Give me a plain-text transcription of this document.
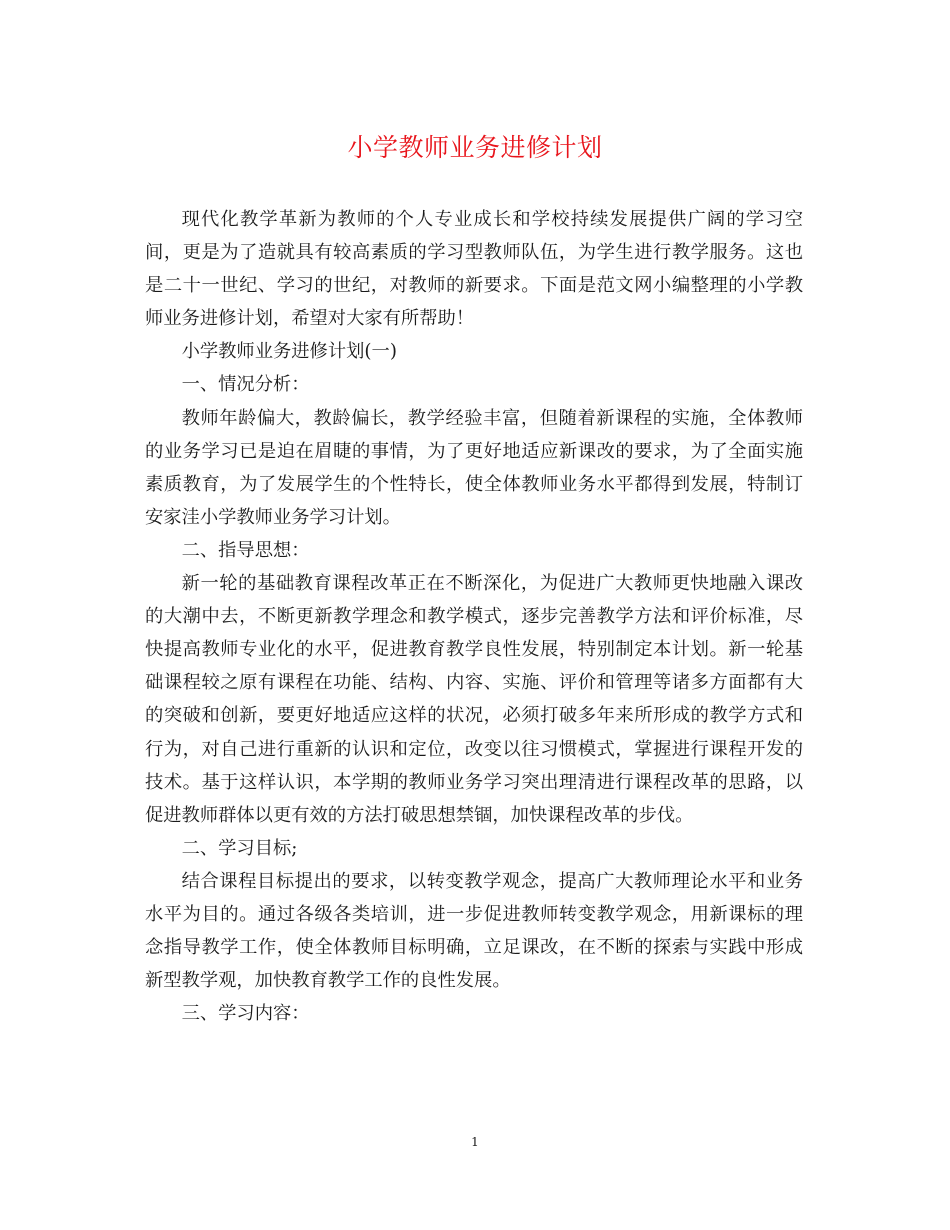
小学教师业务进修计划

现代化教学革新为教师的个人专业成长和学校持续发展提供广阔的学习空间，更是为了造就具有较高素质的学习型教师队伍，为学生进行教学服务。这也是二十一世纪、学习的世纪，对教师的新要求。下面是范文网小编整理的小学教师业务进修计划，希望对大家有所帮助！

小学教师业务进修计划(一)

一、情况分析：

教师年龄偏大，教龄偏长，教学经验丰富，但随着新课程的实施，全体教师的业务学习已是迫在眉睫的事情，为了更好地适应新课改的要求，为了全面实施素质教育，为了发展学生的个性特长，使全体教师业务水平都得到发展，特制订安家洼小学教师业务学习计划。

二、指导思想：

新一轮的基础教育课程改革正在不断深化，为促进广大教师更快地融入课改的大潮中去，不断更新教学理念和教学模式，逐步完善教学方法和评价标准，尽快提高教师专业化的水平，促进教育教学良性发展，特别制定本计划。新一轮基础课程较之原有课程在功能、结构、内容、实施、评价和管理等诸多方面都有大的突破和创新，要更好地适应这样的状况，必须打破多年来所形成的教学方式和行为，对自己进行重新的认识和定位，改变以往习惯模式，掌握进行课程开发的技术。基于这样认识，本学期的教师业务学习突出理清进行课程改革的思路，以促进教师群体以更有效的方法打破思想禁锢，加快课程改革的步伐。

二、学习目标;

结合课程目标提出的要求，以转变教学观念，提高广大教师理论水平和业务水平为目的。通过各级各类培训，进一步促进教师转变教学观念，用新课标的理念指导教学工作，使全体教师目标明确，立足课改，在不断的探索与实践中形成新型教学观，加快教育教学工作的良性发展。

三、学习内容：

1
